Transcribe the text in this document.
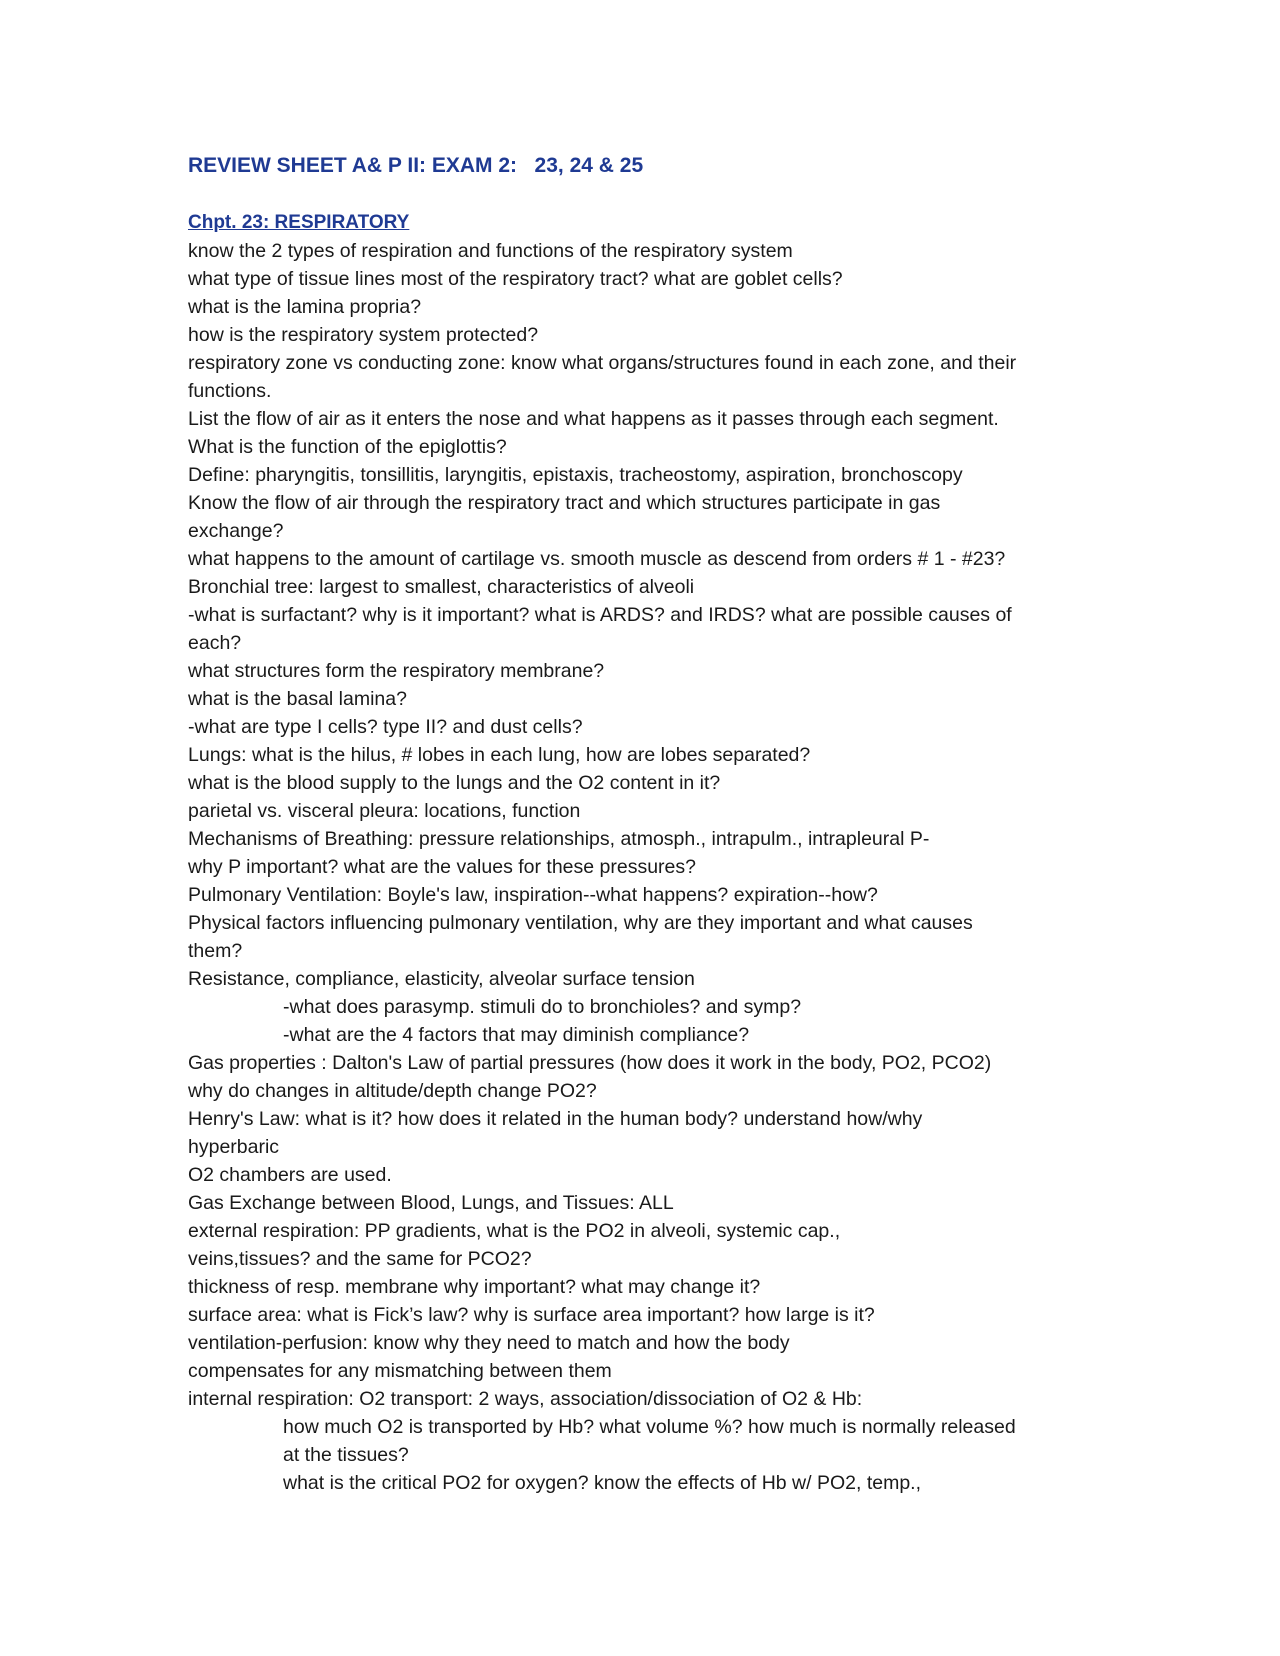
REVIEW SHEET A& P II: EXAM 2:   23, 24 & 25
Chpt. 23: RESPIRATORY
know the 2 types of respiration and functions of the respiratory system
what type of tissue lines most of the respiratory tract? what are goblet cells?
what is the lamina propria?
how is the respiratory system protected?
respiratory zone vs conducting zone: know what organs/structures found in each zone, and their
functions.
List the flow of air as it enters the nose and what happens as it passes through each segment.
What is the function of the epiglottis?
Define: pharyngitis, tonsillitis, laryngitis, epistaxis, tracheostomy, aspiration, bronchoscopy
Know the flow of air through the respiratory tract and which structures participate in gas
exchange?
what happens to the amount of cartilage vs. smooth muscle as descend from orders # 1 - #23?
Bronchial tree: largest to smallest, characteristics of alveoli
-what is surfactant? why is it important? what is ARDS? and IRDS? what are possible causes of
each?
what structures form the respiratory membrane?
what is the basal lamina?
-what are type I cells? type II? and dust cells?
Lungs: what is the hilus, # lobes in each lung, how are lobes separated?
what is the blood supply to the lungs and the O2 content in it?
parietal vs. visceral pleura: locations, function
Mechanisms of Breathing: pressure relationships, atmosph., intrapulm., intrapleural P-
why P important? what are the values for these pressures?
Pulmonary Ventilation: Boyle's law, inspiration--what happens? expiration--how?
Physical factors influencing pulmonary ventilation, why are they important and what causes
them?
Resistance, compliance, elasticity, alveolar surface tension
-what does parasymp. stimuli do to bronchioles? and symp?
-what are the 4 factors that may diminish compliance?
Gas properties : Dalton's Law of partial pressures (how does it work in the body, PO2, PCO2)
why do changes in altitude/depth change PO2?
Henry's Law: what is it? how does it related in the human body? understand how/why
hyperbaric
O2 chambers are used.
Gas Exchange between Blood, Lungs, and Tissues: ALL
external respiration: PP gradients, what is the PO2 in alveoli, systemic cap.,
veins,tissues? and the same for PCO2?
thickness of resp. membrane why important? what may change it?
surface area: what is Fick’s law? why is surface area important? how large is it?
ventilation-perfusion: know why they need to match and how the body
compensates for any mismatching between them
internal respiration: O2 transport: 2 ways, association/dissociation of O2 & Hb:
how much O2 is transported by Hb? what volume %? how much is normally released
at the tissues?
what is the critical PO2 for oxygen? know the effects of Hb w/ PO2, temp.,
